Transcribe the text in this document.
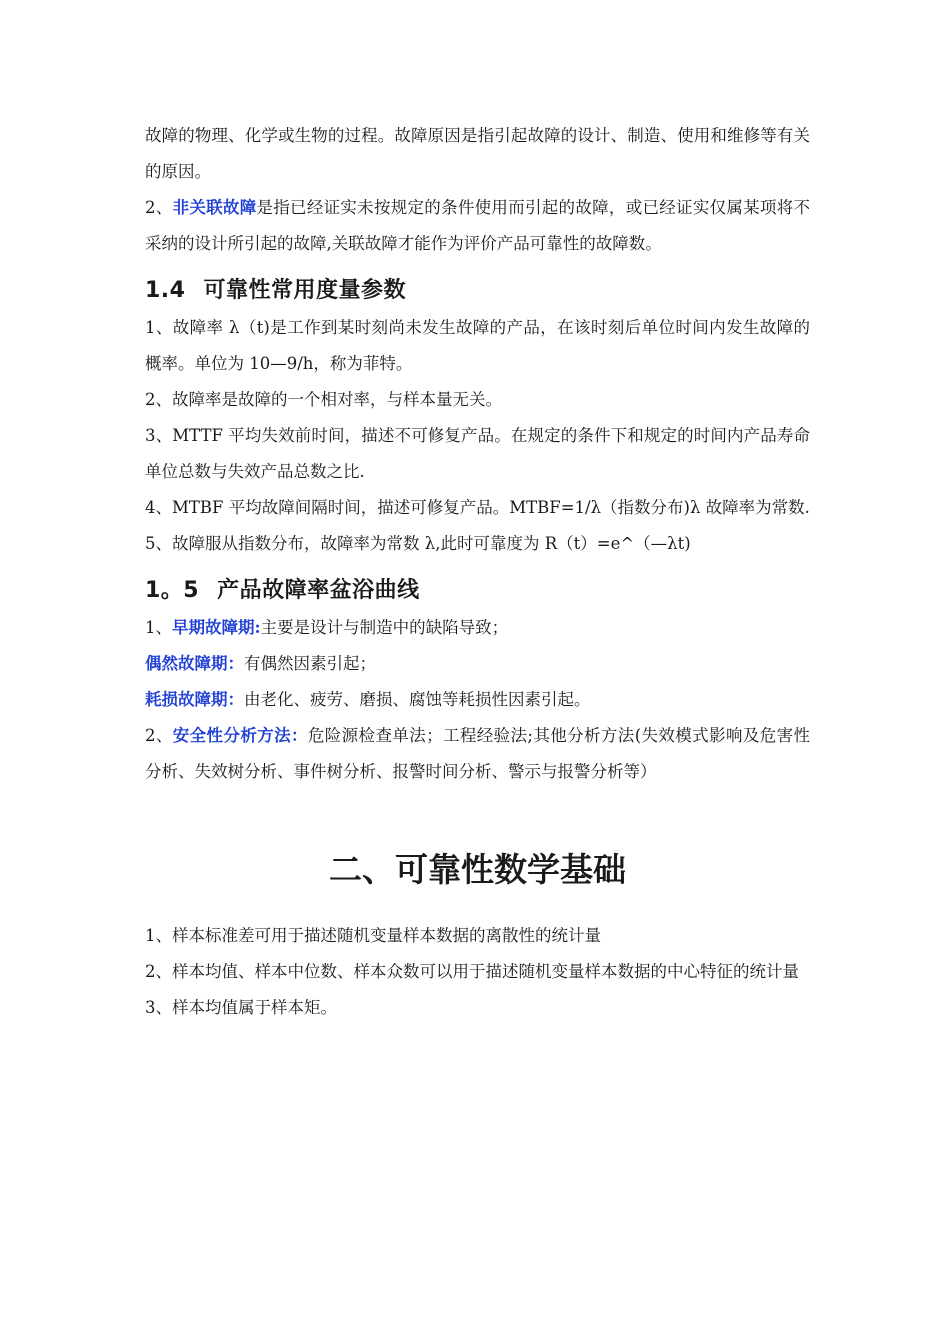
故障的物理、化学或生物的过程。故障原因是指引起故障的设计、制造、使用和维修等有关的原因。

2、非关联故障是指已经证实未按规定的条件使用而引起的故障，或已经证实仅属某项将不采纳的设计所引起的故障,关联故障才能作为评价产品可靠性的故障数。

1.4 可靠性常用度量参数

1、故障率 λ（t)是工作到某时刻尚未发生故障的产品，在该时刻后单位时间内发生故障的概率。单位为 10—9/h，称为菲特。

2、故障率是故障的一个相对率，与样本量无关。

3、MTTF 平均失效前时间，描述不可修复产品。在规定的条件下和规定的时间内产品寿命单位总数与失效产品总数之比.

4、MTBF 平均故障间隔时间，描述可修复产品。MTBF=1/λ（指数分布)λ 故障率为常数.

5、故障服从指数分布，故障率为常数 λ,此时可靠度为 R（t）=e^（—λt)

1。5 产品故障率盆浴曲线

1、早期故障期:主要是设计与制造中的缺陷导致；

偶然故障期：有偶然因素引起；

耗损故障期：由老化、疲劳、磨损、腐蚀等耗损性因素引起。

2、安全性分析方法：危险源检查单法；工程经验法;其他分析方法(失效模式影响及危害性分析、失效树分析、事件树分析、报警时间分析、警示与报警分析等）

二、可靠性数学基础

1、样本标准差可用于描述随机变量样本数据的离散性的统计量

2、样本均值、样本中位数、样本众数可以用于描述随机变量样本数据的中心特征的统计量

3、样本均值属于样本矩。
